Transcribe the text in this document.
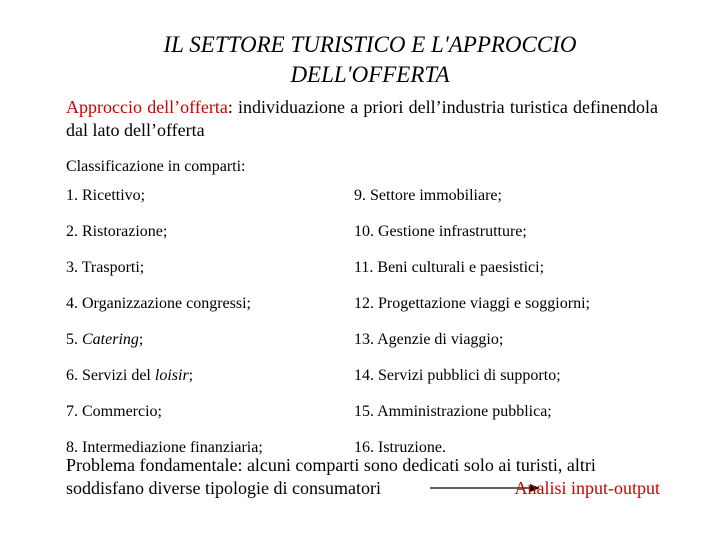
IL SETTORE TURISTICO E L'APPROCCIO DELL'OFFERTA
Approccio dell’offerta: individuazione a priori dell’industria turistica definendola dal lato dell’offerta
Classificazione in comparti:
1. Ricettivo;
2. Ristorazione;
3. Trasporti;
4. Organizzazione congressi;
5. Catering;
6. Servizi del loisir;
7. Commercio;
8. Intermediazione finanziaria;
9. Settore immobiliare;
10. Gestione infrastrutture;
11. Beni culturali e paesistici;
12. Progettazione viaggi e soggiorni;
13. Agenzie di viaggio;
14. Servizi pubblici di supporto;
15. Amministrazione pubblica;
16. Istruzione.
Problema fondamentale: alcuni comparti sono dedicati solo ai turisti, altri
soddisfano diverse tipologie di consumatori	Analisi input-output
